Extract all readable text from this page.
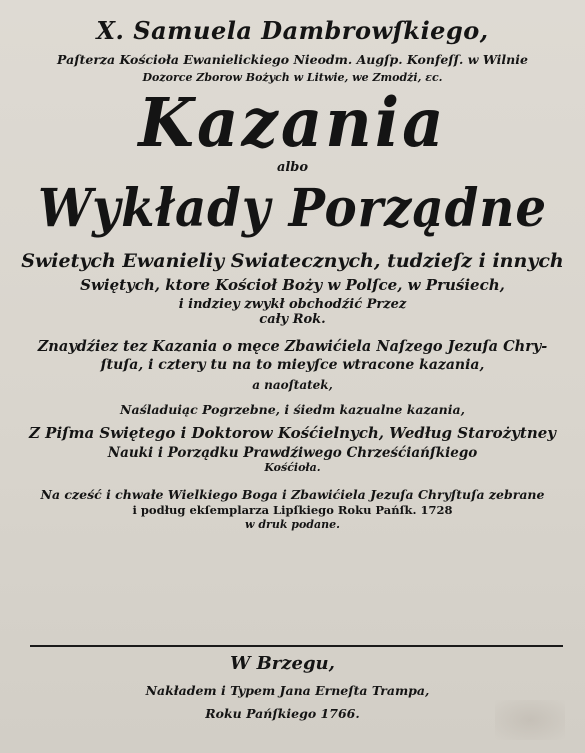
X. Samuela Dambrowſkiego,

Paſterza Kościoła Ewanielickiego Nieodm. Augſp. Konfeſſ. w Wilnie

Dozorce Zborow Bożych w Litwie, we Zmodżi, ɛc.

Kazania

albo

Wykłady Porządne

Swietych Ewanieliy Swiatecznych, tudzieſz i innych

Swiętych, ktore Kościoł Boży w Polſce, w Pruśiech,

i indziey zwykł obchodźić Przez

cały Rok.

Znaydźiez tez Kazania o męce Zbawićiela Naſzego Jezuſa Chry-

ſtuſa, i cztery tu na to mieyſce wtracone kazania,

a naoſtatek,

Naśladuiąc Pogrzebne, i śiedm kazualne kazania,

Z Piſma Swiętego i Doktorow Kośćielnych, Według Starożytney

Nauki i Porządku Prawdźiwego Chrześćiańſkiego

Kośćioła.

Na cześć i chwałe Wielkiego Boga i Zbawićiela Jezuſa Chryſtuſa zebrane

i podług ekſemplarza Lipſkiego Roku Pańſk. 1728

w druk podane.

W Brzegu,

Nakładem i Typem Jana Erneſta Trampa,

Roku Pańſkiego 1766.
